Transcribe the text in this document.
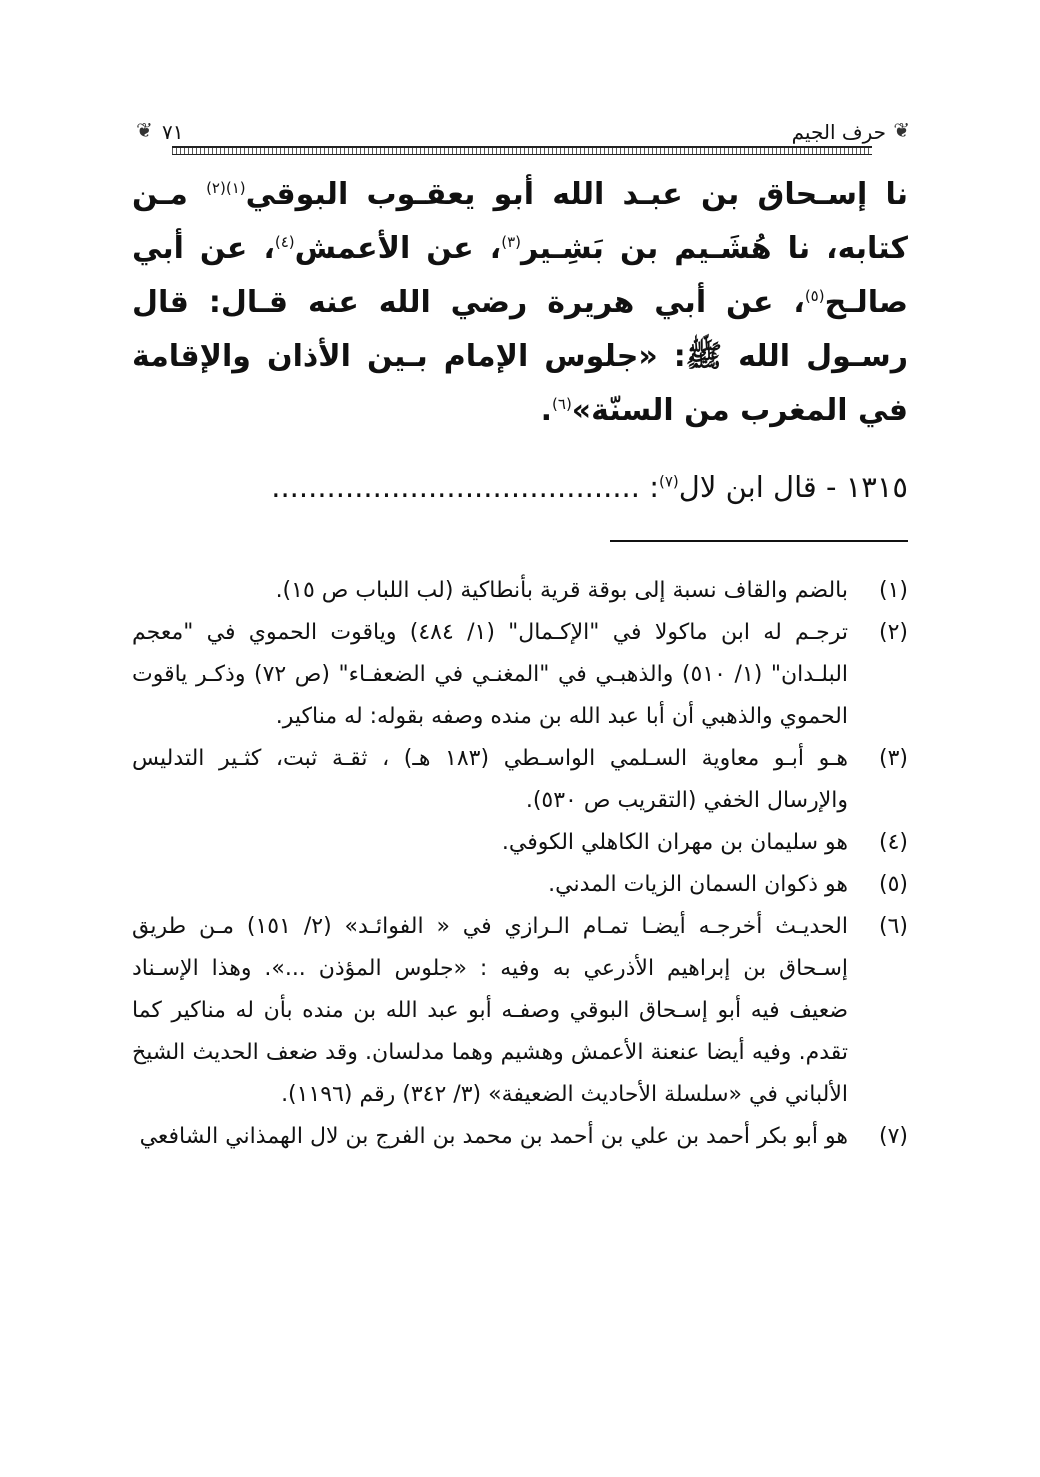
❦
حرف الجيم
٧١
❦

نا إسـحاق بن عبـد الله أبو يعقـوب البوقي$^{(١)(٢)}$ مـن كتابه، نا هُشَـيم بن بَشِـير$^{(٣)}$، عن الأعمش$^{(٤)}$، عن أبي صالـح$^{(٥)}$، عن أبي هريرة رضي الله عنه قـال: قال رسـول الله ﷺ: «جلوس الإمام بـين الأذان والإقامة في المغرب من السنّة»$^{(٦)}$.

١٣١٥ - قال ابن لال$^{(٧)}$: ........................................

(١)
بالضم والقاف نسبة إلى بوقة قرية بأنطاكية (لب اللباب ص ١٥).

(٢)
ترجـم له ابن ماكولا في "الإكـمال" (١/ ٤٨٤) وياقوت الحموي في "معجم البلـدان" (١/ ٥١٠) والذهبـي في "المغنـي في الضعفـاء" (ص ٧٢) وذكـر ياقوت الحموي والذهبي أن أبا عبد الله بن منده وصفه بقوله: له مناكير.

(٣)
هـو أبـو معاوية السـلمي الواسـطي (١٨٣ هـ) ، ثقـة ثبت، كثـير التدليس والإرسال الخفي (التقريب ص ٥٣٠).

(٤)
هو سليمان بن مهران الكاهلي الكوفي.

(٥)
هو ذكوان السمان الزيات المدني.

(٦)
الحديـث أخرجـه أيضـا تمـام الـرازي في « الفوائـد» (٢/ ١٥١) مـن طريق إسـحاق بن إبراهيم الأذرعي به وفيه : «جلوس المؤذن ...». وهذا الإسـناد ضعيف فيه أبو إسـحاق البوقي وصفـه أبو عبد الله بن منده بأن له مناكير كما تقدم. وفيه أيضا عنعنة الأعمش وهشيم وهما مدلسان. وقد ضعف الحديث الشيخ الألباني في «سلسلة الأحاديث الضعيفة» (٣/ ٣٤٢) رقم (١١٩٦).

(٧)
هو أبو بكر أحمد بن علي بن أحمد بن محمد بن الفرج بن لال الهمذاني الشافعي
